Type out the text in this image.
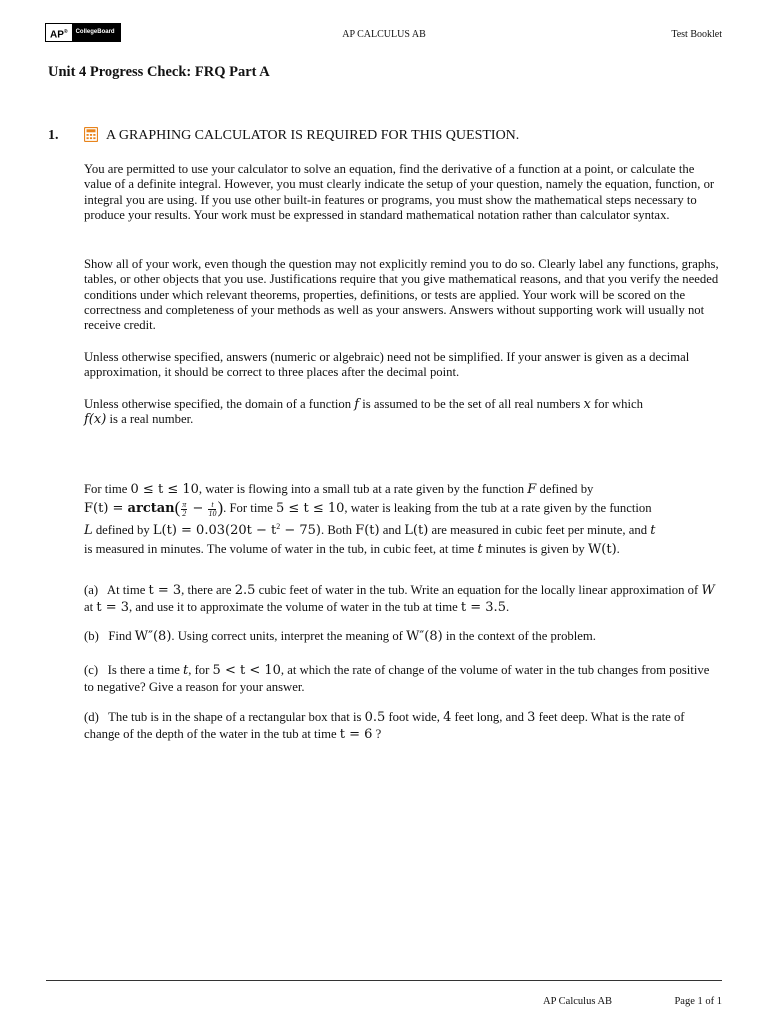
AP®	CollegeBoard	AP CALCULUS AB	Test Booklet
Unit 4 Progress Check: FRQ Part A
1.	A GRAPHING CALCULATOR IS REQUIRED FOR THIS QUESTION.
You are permitted to use your calculator to solve an equation, find the derivative of a function at a point, or calculate the value of a definite integral. However, you must clearly indicate the setup of your question, namely the equation, function, or integral you are using. If you use other built-in features or programs, you must show the mathematical steps necessary to produce your results. Your work must be expressed in standard mathematical notation rather than calculator syntax.
Show all of your work, even though the question may not explicitly remind you to do so. Clearly label any functions, graphs, tables, or other objects that you use. Justifications require that you give mathematical reasons, and that you verify the needed conditions under which relevant theorems, properties, definitions, or tests are applied. Your work will be scored on the correctness and completeness of your methods as well as your answers. Answers without supporting work will usually not receive credit.
Unless otherwise specified, answers (numeric or algebraic) need not be simplified. If your answer is given as a decimal approximation, it should be correct to three places after the decimal point.
Unless otherwise specified, the domain of a function f is assumed to be the set of all real numbers x for which
f(x) is a real number.
For time 0 ≤ t ≤ 10, water is flowing into a small tub at a rate given by the function F defined by
$F(t) = \arctan( \frac{\pi}{2} - \frac{t}{10}$ ). For time 5 ≤ t ≤ 10, water is leaking from the tub at a rate given by the function
L defined by $L(t) = 0.03(20t - t^2 - 75)$. Both F(t) and L(t) are measured in cubic feet per minute, and t
is measured in minutes. The volume of water in the tub, in cubic feet, at time t minutes is given by W(t).
(a) At time t = 3, there are 2.5 cubic feet of water in the tub. Write an equation for the locally linear approximation of W at t = 3, and use it to approximate the volume of water in the tub at time t = 3.5.
(b) Find W″(8). Using correct units, interpret the meaning of W″(8) in the context of the problem.
(c) Is there a time t, for 5 < t < 10, at which the rate of change of the volume of water in the tub changes from positive to negative? Give a reason for your answer.
(d) The tub is in the shape of a rectangular box that is 0.5 foot wide, 4 feet long, and 3 feet deep. What is the rate of change of the depth of the water in the tub at time t = 6 ?
AP Calculus AB	Page 1 of 1
